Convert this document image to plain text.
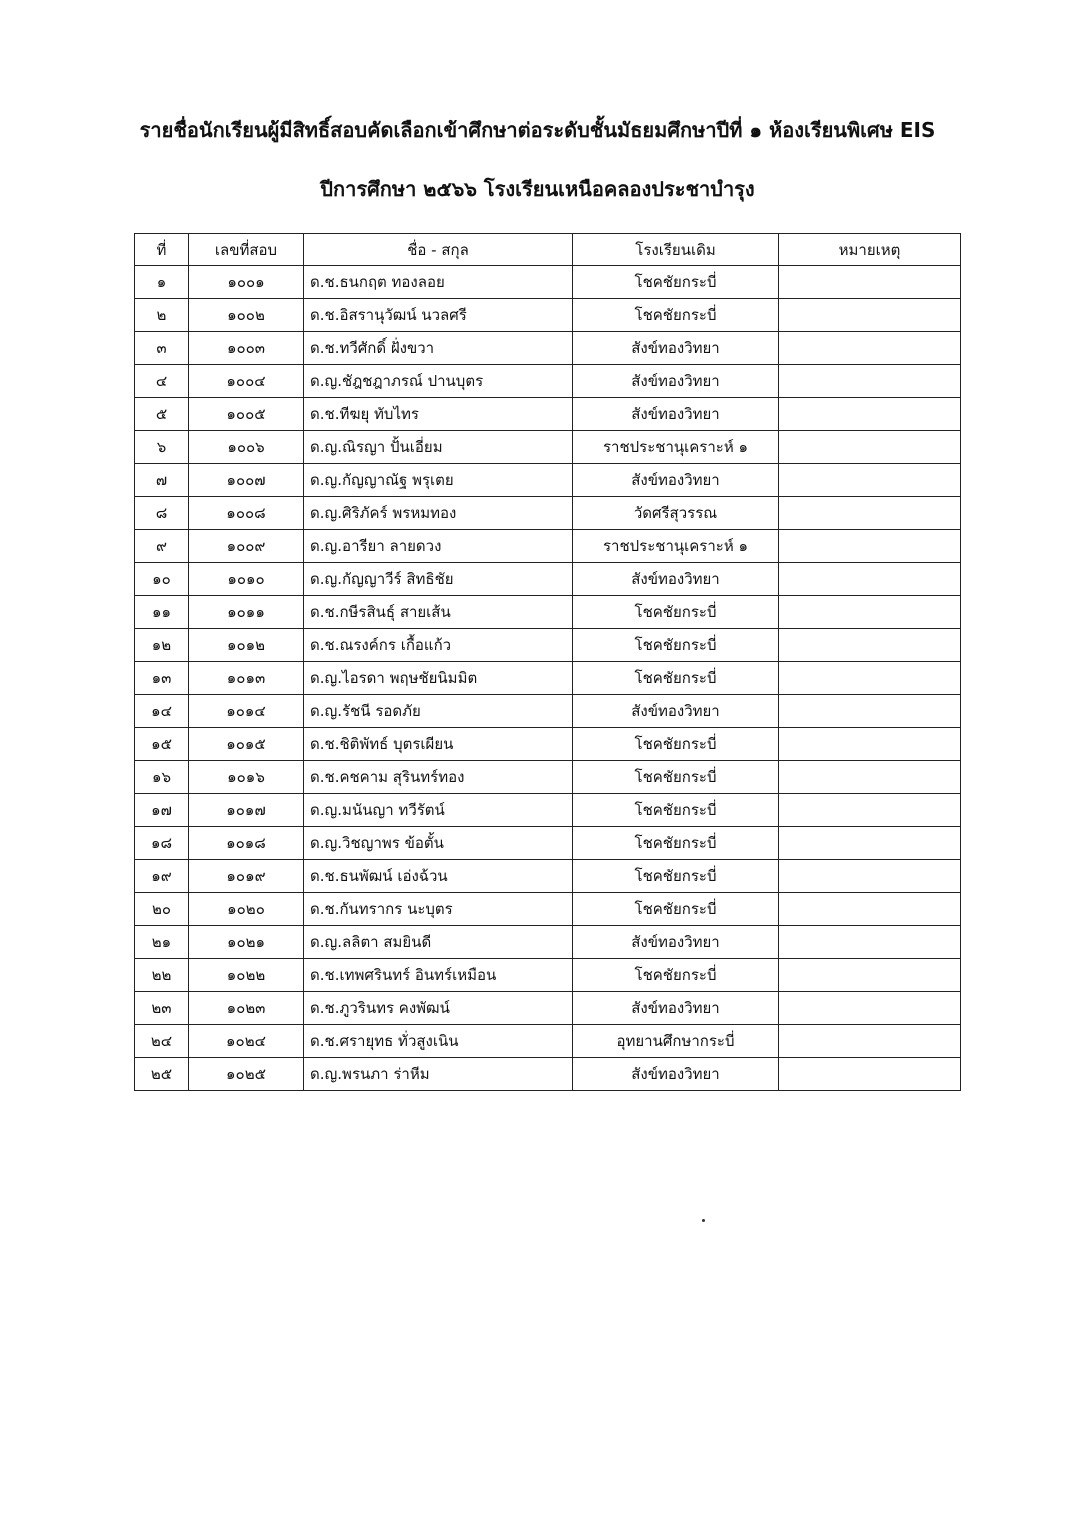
รายชื่อนักเรียนผู้มีสิทธิ์สอบคัดเลือกเข้าศึกษาต่อระดับชั้นมัธยมศึกษาปีที่ ๑ ห้องเรียนพิเศษ EIS
ปีการศึกษา ๒๕๖๖ โรงเรียนเหนือคลองประชาบำรุง
ที่	เลขที่สอบ	ชื่อ - สกุล	โรงเรียนเดิม	หมายเหตุ
๑	๑๐๐๑	ด.ช.ธนกฤต ทองลอย	โชคชัยกระบี่	
๒	๑๐๐๒	ด.ช.อิสรานุวัฒน์ นวลศรี	โชคชัยกระบี่	
๓	๑๐๐๓	ด.ช.ทวีศักดิ์ ฝั่งขวา	สังข์ทองวิทยา	
๔	๑๐๐๔	ด.ญ.ชัฎชฎาภรณ์ ปานบุตร	สังข์ทองวิทยา	
๕	๑๐๐๕	ด.ช.ทีฆยุ ทับไทร	สังข์ทองวิทยา	
๖	๑๐๐๖	ด.ญ.ณิรญา ปั้นเอี่ยม	ราชประชานุเคราะห์ ๑	
๗	๑๐๐๗	ด.ญ.กัญญาณัฐ พรุเตย	สังข์ทองวิทยา	
๘	๑๐๐๘	ด.ญ.ศิริภัคร์ พรหมทอง	วัดศรีสุวรรณ	
๙	๑๐๐๙	ด.ญ.อารียา ลายดวง	ราชประชานุเคราะห์ ๑	
๑๐	๑๐๑๐	ด.ญ.กัญญาวีร์ สิทธิชัย	สังข์ทองวิทยา	
๑๑	๑๐๑๑	ด.ช.กษีรสินธุ์ สายเส้น	โชคชัยกระบี่	
๑๒	๑๐๑๒	ด.ช.ณรงค์กร เกื้อแก้ว	โชคชัยกระบี่	
๑๓	๑๐๑๓	ด.ญ.ไอรดา พฤษชัยนิมมิต	โชคชัยกระบี่	
๑๔	๑๐๑๔	ด.ญ.รัชนี รอดภัย	สังข์ทองวิทยา	
๑๕	๑๐๑๕	ด.ช.ชิติพัทธ์ บุตรเผียน	โชคชัยกระบี่	
๑๖	๑๐๑๖	ด.ช.คชคาม สุรินทร์ทอง	โชคชัยกระบี่	
๑๗	๑๐๑๗	ด.ญ.มนันญา ทวีรัตน์	โชคชัยกระบี่	
๑๘	๑๐๑๘	ด.ญ.วิชญาพร ข้อตั้น	โชคชัยกระบี่	
๑๙	๑๐๑๙	ด.ช.ธนพัฒน์ เอ่งฉ้วน	โชคชัยกระบี่	
๒๐	๑๐๒๐	ด.ช.กันทรากร นะบุตร	โชคชัยกระบี่	
๒๑	๑๐๒๑	ด.ญ.ลลิตา สมยินดี	สังข์ทองวิทยา	
๒๒	๑๐๒๒	ด.ช.เทพศรินทร์ อินทร์เหมือน	โชคชัยกระบี่	
๒๓	๑๐๒๓	ด.ช.ภูวรินทร คงพัฒน์	สังข์ทองวิทยา	
๒๔	๑๐๒๔	ด.ช.ศรายุทธ ทั่วสูงเนิน	อุทยานศึกษากระบี่	
๒๕	๑๐๒๕	ด.ญ.พรนภา ร่าหีม	สังข์ทองวิทยา	
